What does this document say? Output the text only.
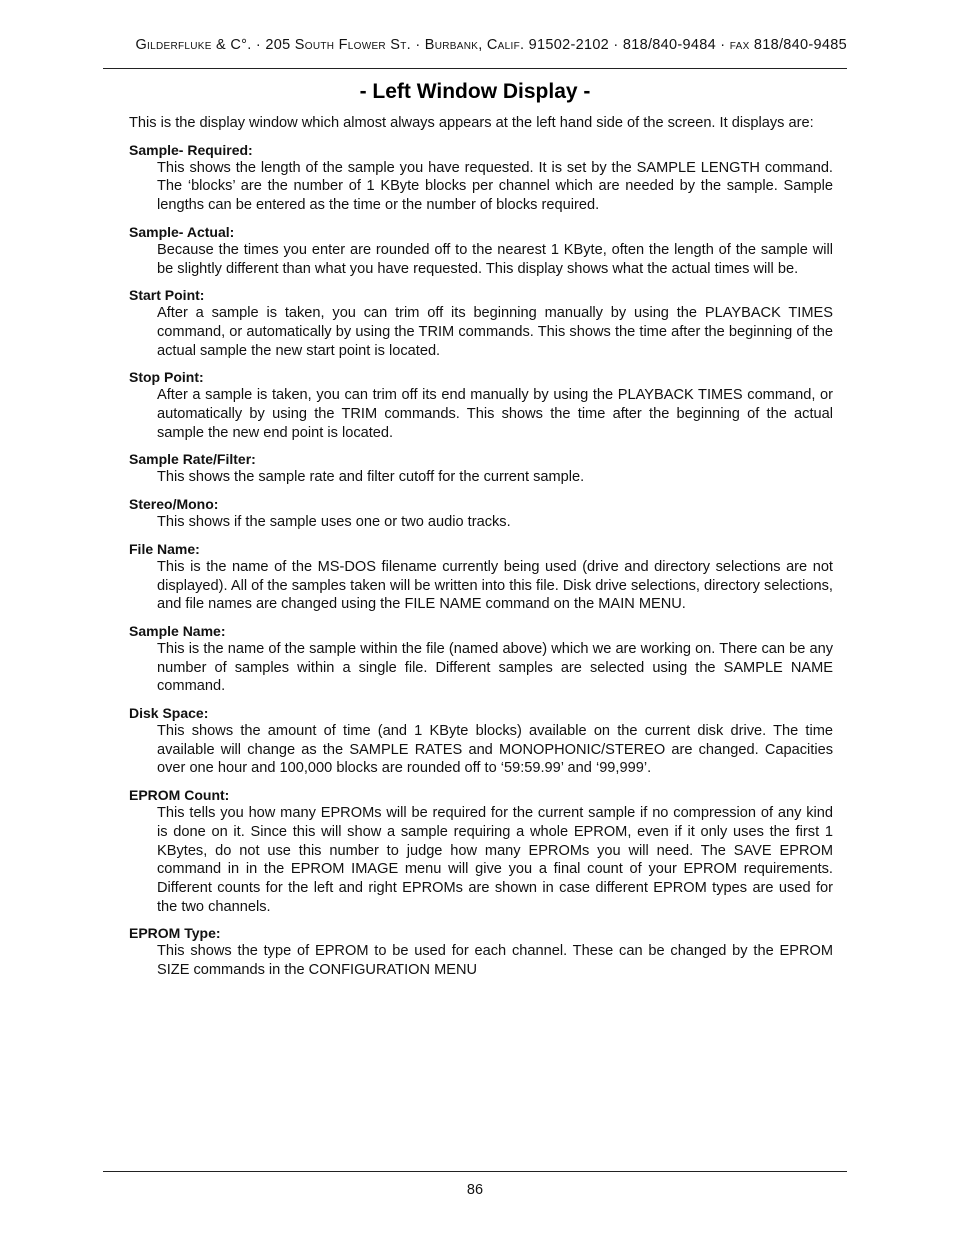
Gilderfluke & C°. · 205 South Flower St. · Burbank, Calif. 91502-2102 · 818/840-9484 · fax 818/840-9485
- Left Window Display -

This is the display window which almost always appears at the left hand side of the screen. It displays are:

Sample- Required:
This shows the length of the sample you have requested. It is set by the SAMPLE LENGTH command. The ‘blocks’ are the number of 1 KByte blocks per channel which are needed by the sample. Sample lengths can be entered as the time or the number of blocks required.
Sample- Actual:
Because the times you enter are rounded off to the nearest 1 KByte, often the length of the sample will be slightly different than what you have requested. This display shows what the actual times will be.
Start Point:
After a sample is taken, you can trim off its beginning manually by using the PLAYBACK TIMES command, or automatically by using the TRIM commands. This shows the time after the beginning of the actual sample the new start point is located.
Stop Point:
After a sample is taken, you can trim off its end manually by using the PLAYBACK TIMES command, or automatically by using the TRIM commands. This shows the time after the beginning of the actual sample the new end point is located.
Sample Rate/Filter:
This shows the sample rate and filter cutoff for the current sample.
Stereo/Mono:
This shows if the sample uses one or two audio tracks.
File Name:
This is the name of the MS-DOS filename currently being used (drive and directory selections are not displayed). All of the samples taken will be written into this file. Disk drive selections, directory selections, and file names are changed using the FILE NAME command on the MAIN MENU.
Sample Name:
This is the name of the sample within the file (named above) which we are working on. There can be any number of samples within a single file. Different samples are selected using the SAMPLE NAME command.
Disk Space:
This shows the amount of time (and 1 KByte blocks) available on the current disk drive. The time available will change as the SAMPLE RATES and MONOPHONIC/STEREO are changed. Capacities over one hour and 100,000 blocks are rounded off to ‘59:59.99’ and ‘99,999’.
EPROM Count:
This tells you how many EPROMs will be required for the current sample if no compression of any kind is done on it. Since this will show a sample requiring a whole EPROM, even if it only uses the first 1 KBytes, do not use this number to judge how many EPROMs you will need. The SAVE EPROM command in in the EPROM IMAGE menu will give you a final count of your EPROM requirements. Different counts for the left and right EPROMs are shown in case different EPROM types are used for the two channels.
EPROM Type:
This shows the type of EPROM to be used for each channel. These can be changed by the EPROM SIZE commands in the CONFIGURATION MENU
86
